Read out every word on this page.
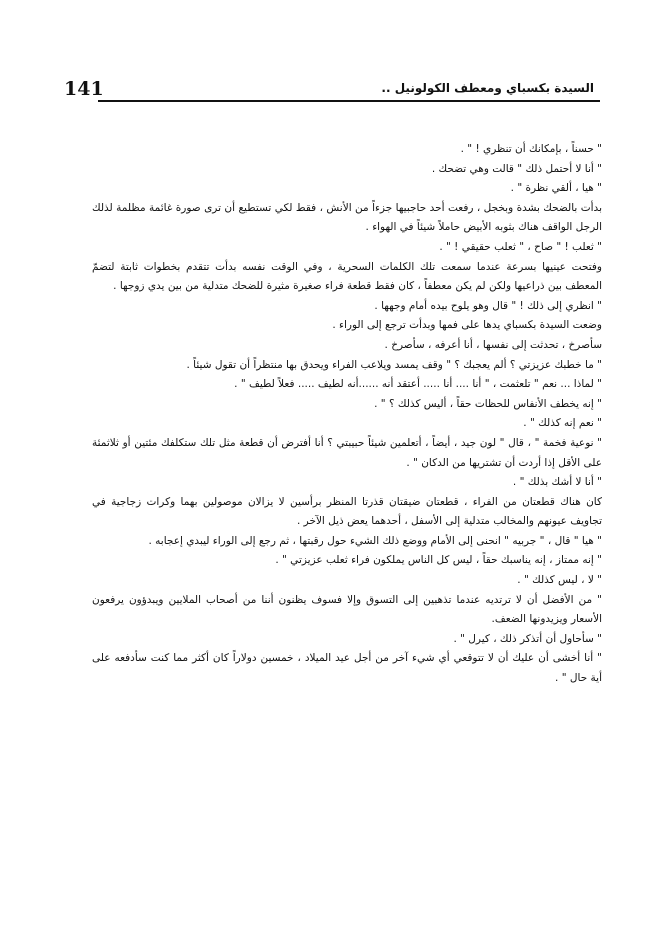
141	السيدة بكسباي ومعطف الكولونيل ..

" حسناً ، بإمكانك أن تنظري ! " .

" أنا لا أحتمل ذلك " قالت وهي تضحك .

" هيا ، ألقي نظرة " .

بدأت بالضحك بشدة وبخجل ، رفعت أحد حاجبيها جزءاً من الأنش ، فقط لكي تستطيع أن ترى صورة غائمة مظلمة لذلك الرجل الواقف هناك بثوبه الأبيض حاملاً شيئاً في الهواء .

" ثعلب ! " صاح ، " ثعلب حقيقي ! " .

وفتحت عينيها بسرعة عندما سمعت تلك الكلمات السحرية ، وفي الوقت نفسه بدأت تتقدم بخطوات ثابتة لتضمّ المعطف بين ذراعيها ولكن لم يكن معطفاً ، كان فقط قطعة فراء صغيرة مثيرة للضحك متدلية من بين يدي زوجها .

" انظري إلى ذلك ! " قال وهو يلوح بيده أمام وجهها .

وضعت السيدة بكسباي يدها على فمها وبدأت ترجع إلى الوراء .

سأصرخ ، تحدثت إلى نفسها ، أنا أعرفه ، سأصرخ .

" ما خطبك عزيزتي ؟ ألم يعجبك ؟ " وقف يمسد ويلاعب الفراء ويحدق بها منتظراً أن تقول شيئاً .

" لماذا ... نعم " تلعثمت ، " أنا .... أنا ..... أعتقد أنه ......أنه لطيف ..... فعلاً لطيف " .

" إنه يخطف الأنفاس للحظات حقاً ، أليس كذلك ؟ " .

" نعم إنه كذلك " .

" نوعية فخمة " ، قال " لون جيد ، أيضاً ، أتعلمين شيئاً حبيبتي ؟ أنا أفترض أن قطعة مثل تلك ستكلفك مئتين أو ثلاثمئة على الأقل إذا أردت أن تشتريها من الدكان " .

" أنا لا أشك بذلك " .

كان هناك قطعتان من الفراء ، قطعتان ضيقتان قذرتا المنظر برأسين لا يزالان موصولين بهما وكرات زجاجية في تجاويف عيونهم والمخالب متدلية إلى الأسفل ، أحدهما يعض ذيل الآخر .

" هيا " قال ، " جربيه " انحنى إلى الأمام ووضع ذلك الشيء حول رقبتها ، ثم رجع إلى الوراء ليبدي إعجابه .

" إنه ممتاز ، إنه يناسبك حقاً ، ليس كل الناس يملكون فراء ثعلب عزيزتي " .

" لا ، ليس كذلك " .

" من الأفضل أن لا ترتديه عندما تذهبين إلى التسوق وإلا فسوف يظنون أننا من أصحاب الملايين ويبدؤون يرفعون الأسعار ويزيدونها الضعف.

" سأحاول أن أتذكر ذلك ، كيرل " .

" أنا أخشى أن عليك أن لا تتوقعي أي شيء آخر من أجل عيد الميلاد ، خمسين دولاراً كان أكثر مما كنت سأدفعه على أية حال " .
